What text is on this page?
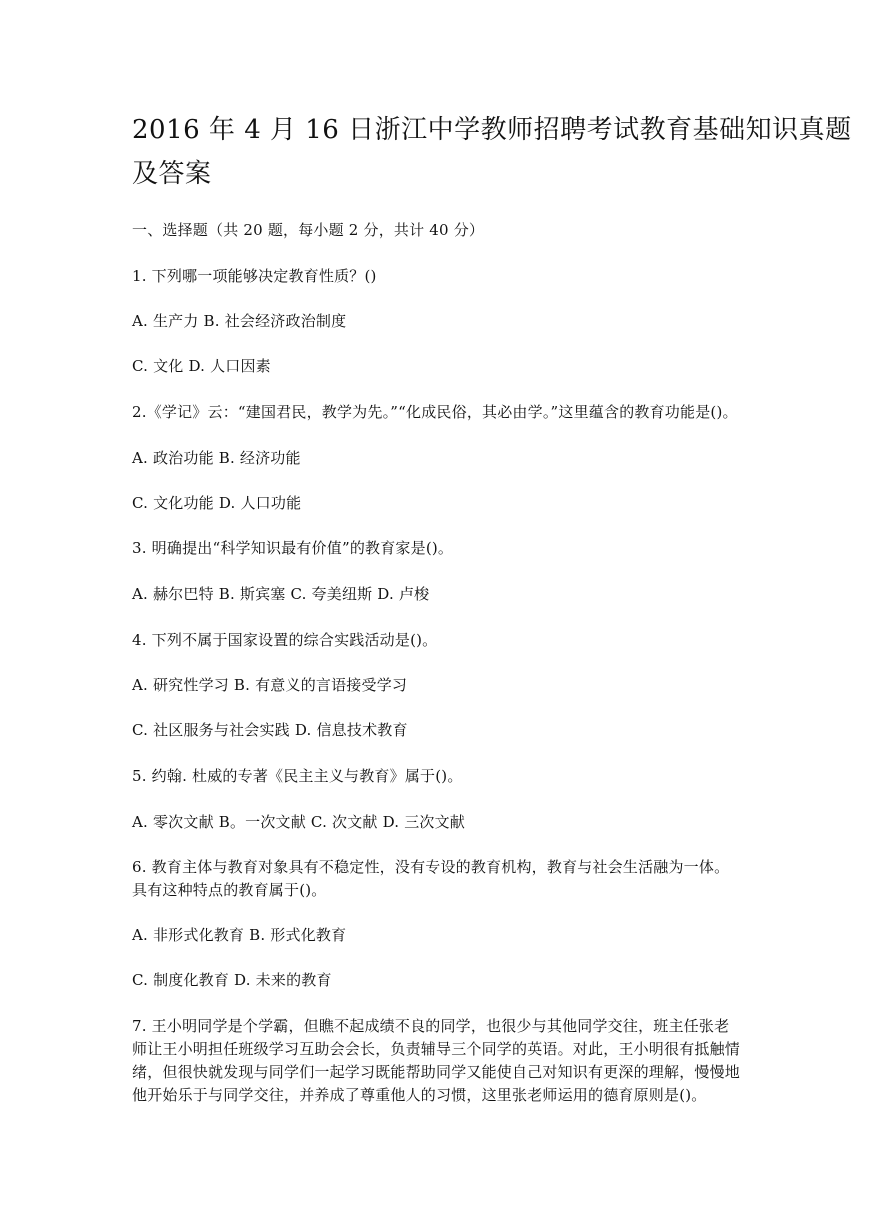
2016 年 4 月 16 日浙江中学教师招聘考试教育基础知识真题
及答案
一、选择题（共 20 题，每小题 2 分，共计 40 分）
1. 下列哪一项能够决定教育性质？()
A. 生产力 B. 社会经济政治制度
C. 文化 D. 人口因素
2.《学记》云：“建国君民，教学为先。”“化成民俗，其必由学。”这里蕴含的教育功能是()。
A. 政治功能 B. 经济功能
C. 文化功能 D. 人口功能
3. 明确提出“科学知识最有价值”的教育家是()。
A. 赫尔巴特 B. 斯宾塞 C. 夸美纽斯 D. 卢梭
4. 下列不属于国家设置的综合实践活动是()。
A. 研究性学习 B. 有意义的言语接受学习
C. 社区服务与社会实践 D. 信息技术教育
5. 约翰. 杜威的专著《民主主义与教育》属于()。
A. 零次文献 B。一次文献 C. 次文献 D. 三次文献
6. 教育主体与教育对象具有不稳定性，没有专设的教育机构，教育与社会生活融为一体。
具有这种特点的教育属于()。
A. 非形式化教育 B. 形式化教育
C. 制度化教育 D. 未来的教育
7. 王小明同学是个学霸，但瞧不起成绩不良的同学，也很少与其他同学交往，班主任张老
师让王小明担任班级学习互助会会长，负责辅导三个同学的英语。对此，王小明很有抵触情
绪，但很快就发现与同学们一起学习既能帮助同学又能使自己对知识有更深的理解，慢慢地
他开始乐于与同学交往，并养成了尊重他人的习惯，这里张老师运用的德育原则是()。
